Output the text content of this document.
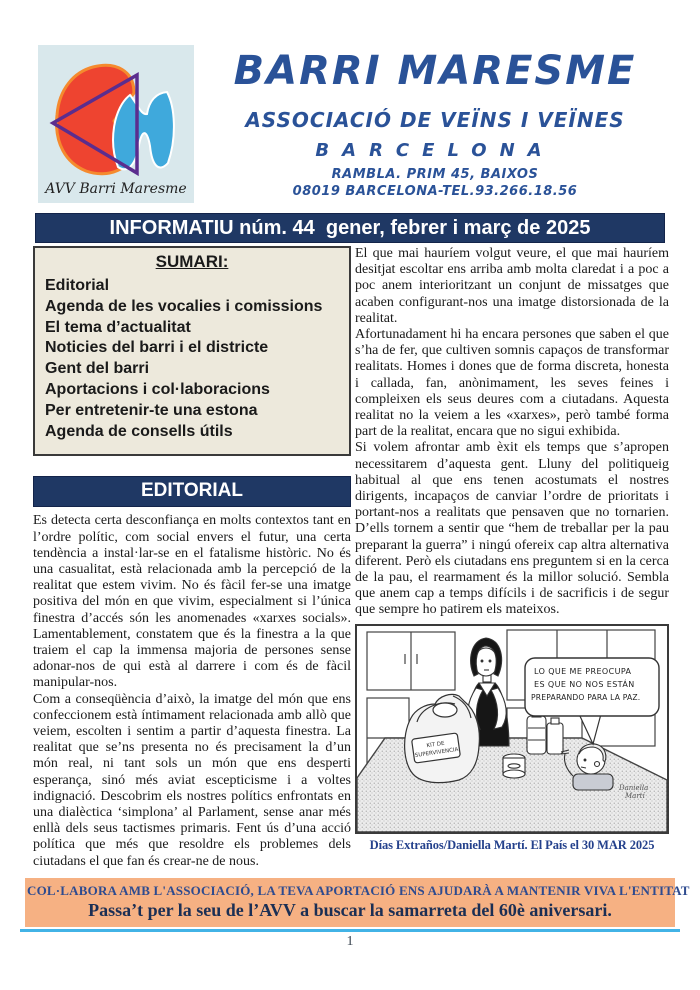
AVV Barri Maresme
BARRI MARESME
ASSOCIACIÓ DE VEÏNS I VEÏNES
BARCELONA
RAMBLA. PRIM 45, BAIXOS
08019 BARCELONA-TEL.93.266.18.56
INFORMATIU núm. 44  gener, febrer i març de 2025
SUMARI:
Editorial
Agenda de les vocalies i comissions
El tema d’actualitat
Noticies del barri i el districte
Gent del barri
Aportacions i col·laboracions
Per entretenir-te una estona
Agenda de consells útils
EDITORIAL

Es detecta certa desconfiança en molts contextos tant en l’ordre polític, com social envers el futur, una certa tendència a instal·lar-se en el fatalisme històric. No és una casualitat, està relacionada amb la percepció de la realitat que estem vivim. No és fàcil fer-se una imatge positiva del món en que vivim, especialment si l’única finestra d’accés són les anomenades «xarxes socials». Lamentablement, constatem que és la finestra a la que traiem el cap la immensa majoria de persones sense adonar-nos de qui està al darrere i com és de fàcil manipular-nos.

Com a conseqüència d’això, la imatge del món que ens confeccionem està íntimament relacionada amb allò que veiem, escolten i sentim a partir d’aquesta finestra. La realitat que se’ns presenta no és precisament la d’un món real, ni tant sols un món que ens desperti esperança, sinó més aviat escepticisme i a voltes indignació. Descobrim els nostres polítics enfrontats en una dialèctica ‘simplona’ al Parlament, sense anar més enllà dels seus tactismes primaris. Fent ús d’una acció política que més que resoldre els problemes dels ciutadans el que fan és crear-ne de nous.

El que mai hauríem volgut veure, el que mai hauríem desitjat escoltar ens arriba amb molta claredat i a poc a poc anem interioritzant un conjunt de missatges que acaben configurant-nos una imatge distorsionada de la realitat.

Afortunadament hi ha encara persones que saben el que s’ha de fer, que cultiven somnis capaços de transformar realitats. Homes i dones que de forma discreta, honesta i callada, fan, anònimament, les seves feines i compleixen els seus deures com a ciutadans. Aquesta realitat no la veiem a les «xarxes», però també forma part de la realitat, encara que no sigui exhibida.

Si volem afrontar amb èxit els temps que s’apropen necessitarem d’aquesta gent. Lluny del politiqueig habitual al que ens tenen acostumats el nostres dirigents, incapaços de canviar l’ordre de prioritats i portant-nos a realitats que pensaven que no tornarien. D’ells tornem a sentir que “hem de treballar per la pau preparant la guerra” i ningú ofereix cap altra alternativa diferent. Però els ciutadans ens preguntem si en la cerca de la pau, el rearmament és la millor solució. Sembla que anem cap a temps difícils i de sacrificis i de segur que sempre ho patirem els mateixos.

KIT DE
SUPERVIVENCIA
LO QUE ME PREOCUPA
ES QUE NO NOS ESTÁN
PREPARANDO PARA LA PAZ.
Daniella
Martí
Días Extraños/Daniella Martí. El País el 30 MAR 2025
COL·LABORA AMB L'ASSOCIACIÓ, LA TEVA APORTACIÓ ENS AJUDARÀ A MANTENIR VIVA L'ENTITAT
Passa’t per la seu de l’AVV a buscar la samarreta del 60è aniversari.
1
